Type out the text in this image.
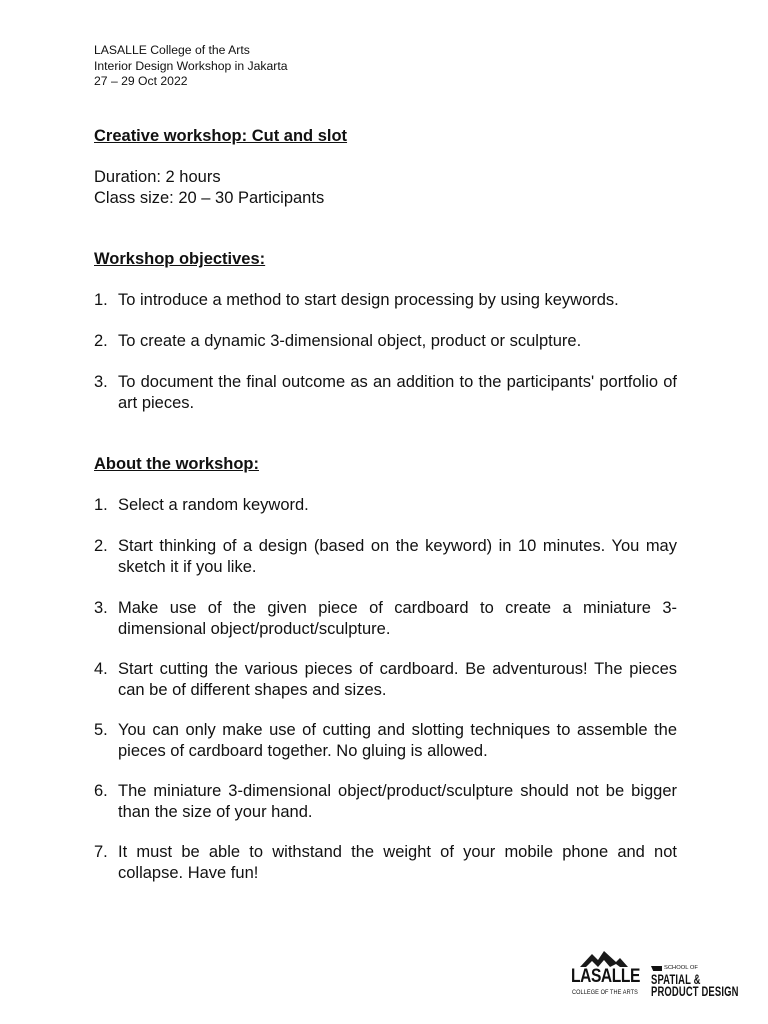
LASALLE College of the Arts
Interior Design Workshop in Jakarta
27 – 29 Oct 2022
Creative workshop: Cut and slot
Duration: 2 hours
Class size: 20 – 30 Participants
Workshop objectives:
1. To introduce a method to start design processing by using keywords.
2. To create a dynamic 3-dimensional object, product or sculpture.
3. To document the final outcome as an addition to the participants' portfolio of art pieces.
About the workshop:
1. Select a random keyword.
2. Start thinking of a design (based on the keyword) in 10 minutes. You may sketch it if you like.
3. Make use of the given piece of cardboard to create a miniature 3-dimensional object/product/sculpture.
4. Start cutting the various pieces of cardboard. Be adventurous! The pieces can be of different shapes and sizes.
5. You can only make use of cutting and slotting techniques to assemble the pieces of cardboard together. No gluing is allowed.
6. The miniature 3-dimensional object/product/sculpture should not be bigger than the size of your hand.
7. It must be able to withstand the weight of your mobile phone and not collapse. Have fun!
LASALLE
COLLEGE OF THE ARTS
SCHOOL OF
SPATIAL &
PRODUCT DESIGN
